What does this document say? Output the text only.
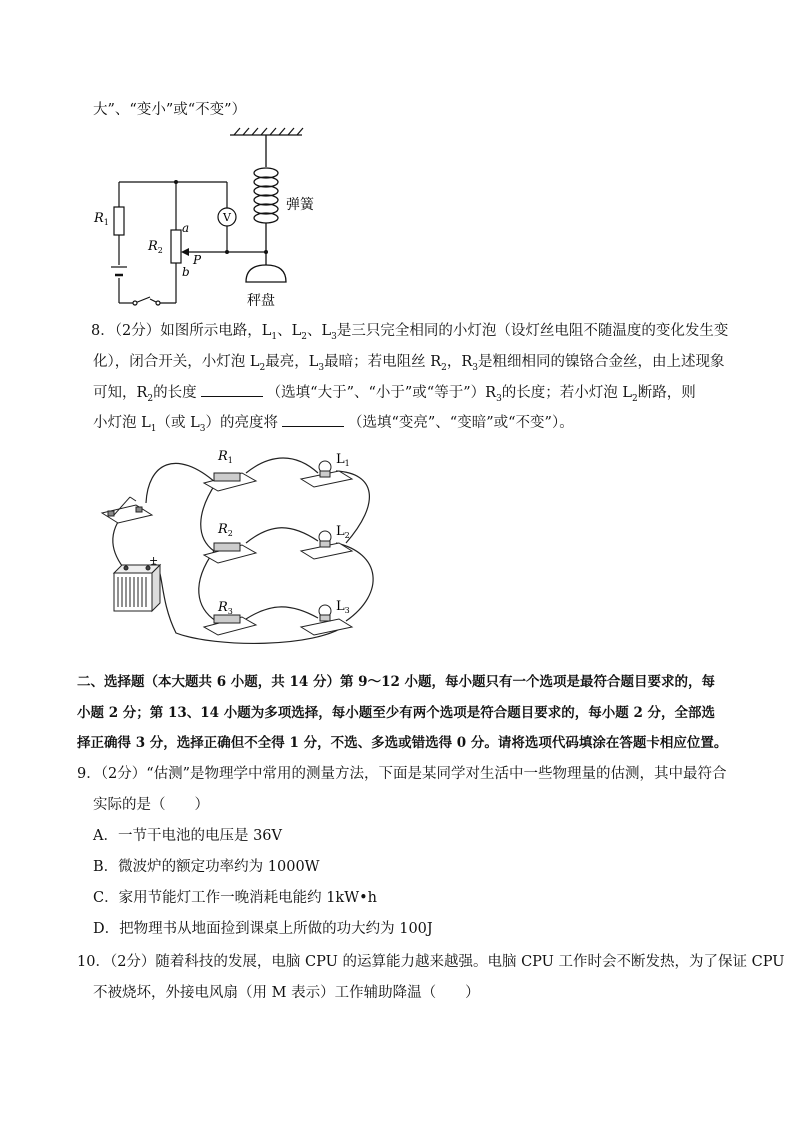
大”、“变小”或“不变”）
V
$R_1$
$R_2$
a
b
P
弹簧
秤盘
8．（2分）如图所示电路，$L_1$、$L_2$、$L_3$是三只完全相同的小灯泡（设灯丝电阻不随温度的变化发生变
化），闭合开关，小灯泡 $L_2$最亮，$L_3$最暗；若电阻丝 $R_2$，$R_3$是粗细相同的镍铬合金丝，由上述现象
可知，$R_2$的长度	（选填“大于”、“小于”或“等于$”)R_3$的长度；若小灯泡 $L_2$断路，则
小灯泡 $L_1$（或 $L_3$）的亮度将	（选填“变亮”、“变暗”或“不变”）。
+
$R_1$
$R_2$
$R_3$
$L_1$
$L_2$
$L_3$
二、选择题（本大题共 6 小题，共 14 分）第 9～12 小题，每小题只有一个选项是最符合题目要求的，每
小题 2 分；第 13、14 小题为多项选择，每小题至少有两个选项是符合题目要求的，每小题 2 分，全部选
择正确得 3 分，选择正确但不全得 1 分，不选、多选或错选得 0 分。请将选项代码填涂在答题卡相应位置。
9．（2分）“估测”是物理学中常用的测量方法，下面是某同学对生活中一些物理量的估测，其中最符合
实际的是（　　）
A．一节干电池的电压是 36V
B．微波炉的额定功率约为 1000W
C．家用节能灯工作一晚消耗电能约 1kW•h
D．把物理书从地面捡到课桌上所做的功大约为 100J
10．（2分）随着科技的发展，电脑 CPU 的运算能力越来越强。电脑 CPU 工作时会不断发热，为了保证 CPU
不被烧坏，外接电风扇（用 M 表示）工作辅助降温（　　）
